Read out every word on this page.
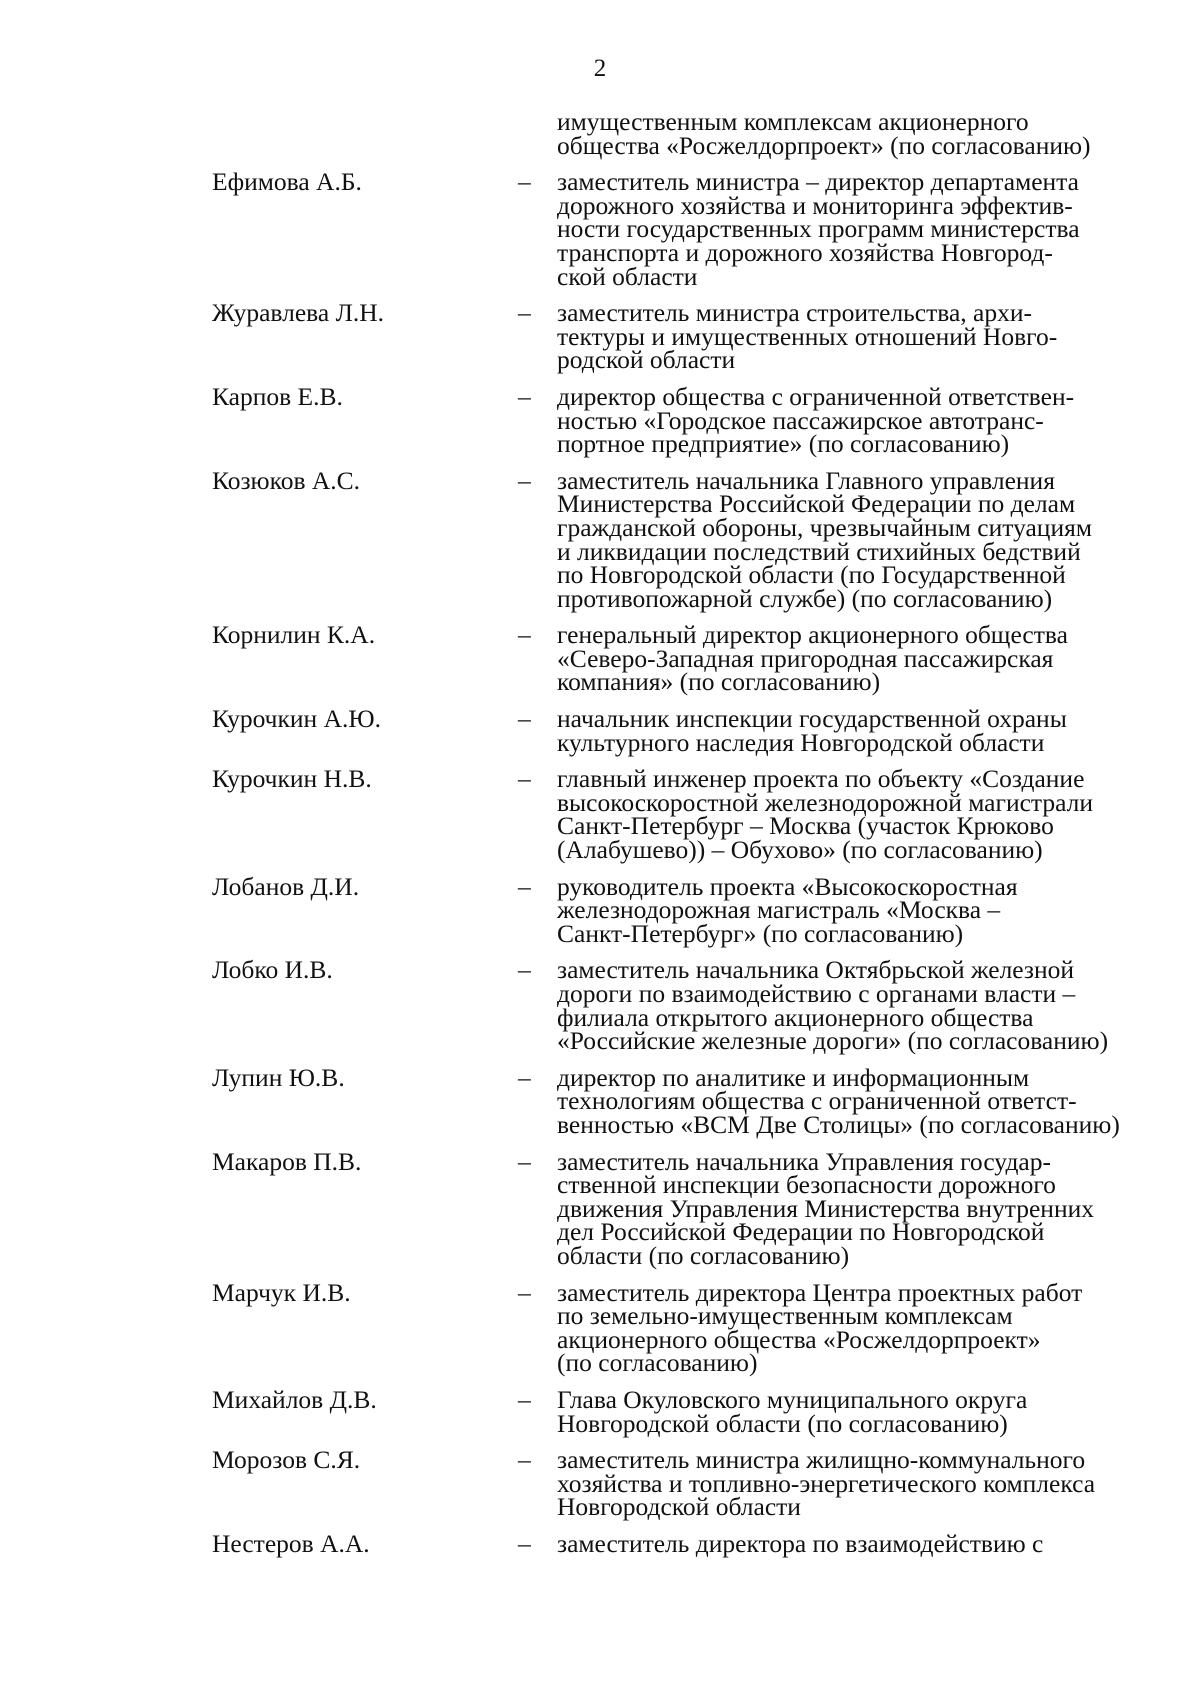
2
имущественным комплексам акционерного
общества «Росжелдорпроект» (по согласованию)
Ефимова А.Б.	– заместитель министра – директор департамента
дорожного хозяйства и мониторинга эффектив-
ности государственных программ министерства
транспорта и дорожного хозяйства Новгород-
ской области
Журавлева Л.Н.	– заместитель министра строительства, архи-
тектуры и имущественных отношений Новго-
родской области
Карпов Е.В.	– директор общества с ограниченной ответствен-
ностью «Городское пассажирское автотранс-
портное предприятие» (по согласованию)
Козюков А.С.	– заместитель начальника Главного управления
Министерства Российской Федерации по делам
гражданской обороны, чрезвычайным ситуациям
и ликвидации последствий стихийных бедствий
по Новгородской области (по Государственной
противопожарной службе) (по согласованию)
Корнилин К.А.	– генеральный директор акционерного общества
«Северо-Западная пригородная пассажирская
компания» (по согласованию)
Курочкин А.Ю.	– начальник инспекции государственной охраны
культурного наследия Новгородской области
Курочкин Н.В.	– главный инженер проекта по объекту «Создание
высокоскоростной железнодорожной магистрали
Санкт-Петербург – Москва (участок Крюково
(Алабушево)) – Обухово» (по согласованию)
Лобанов Д.И.	– руководитель проекта «Высокоскоростная
железнодорожная магистраль «Москва –
Санкт-Петербург» (по согласованию)
Лобко И.В.	– заместитель начальника Октябрьской железной
дороги по взаимодействию с органами власти –
филиала открытого акционерного общества
«Российские железные дороги» (по согласованию)
Лупин Ю.В.	– директор по аналитике и информационным
технологиям общества с ограниченной ответст-
венностью «ВСМ Две Столицы» (по согласованию)
Макаров П.В.	– заместитель начальника Управления государ-
ственной инспекции безопасности дорожного
движения Управления Министерства внутренних
дел Российской Федерации по Новгородской
области (по согласованию)
Марчук И.В.	– заместитель директора Центра проектных работ
по земельно-имущественным комплексам
акционерного общества «Росжелдорпроект»
(по согласованию)
Михайлов Д.В.	– Глава Окуловского муниципального округа
Новгородской области (по согласованию)
Морозов С.Я.	– заместитель министра жилищно-коммунального
хозяйства и топливно-энергетического комплекса
Новгородской области
Нестеров А.А.	– заместитель директора по взаимодействию с
